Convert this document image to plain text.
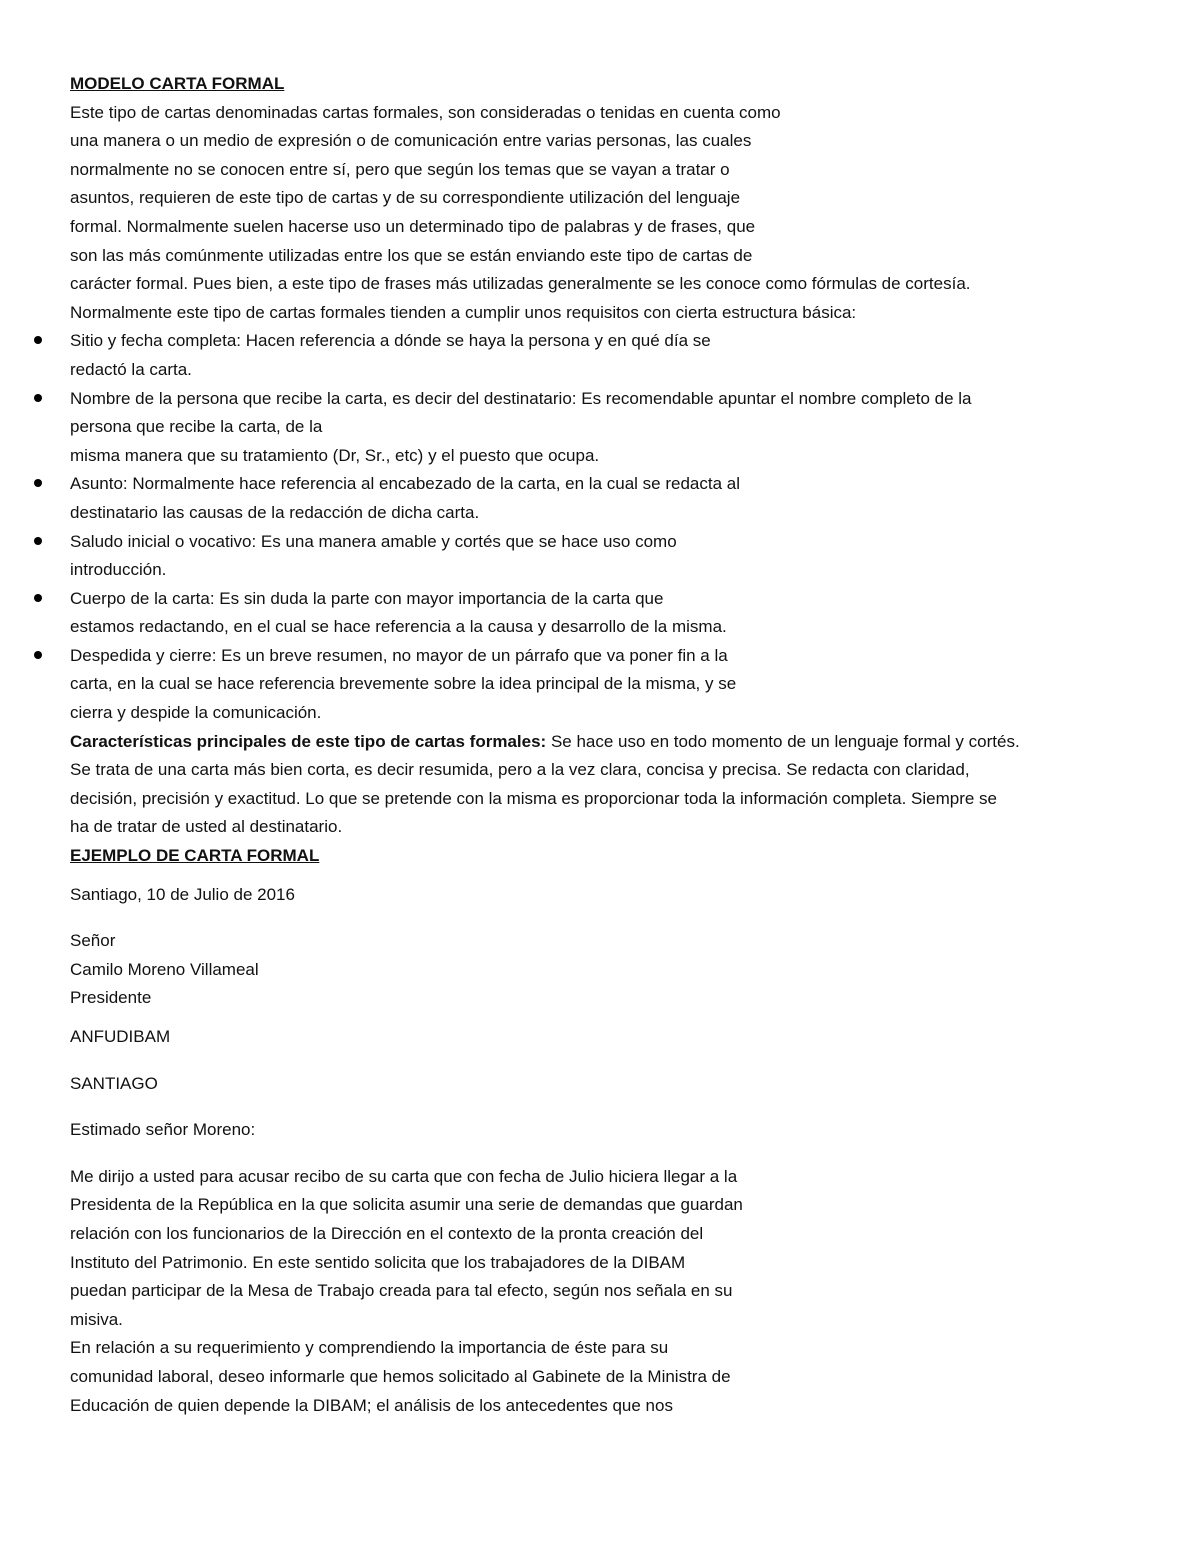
MODELO CARTA FORMAL
Este tipo de cartas denominadas cartas formales, son consideradas o tenidas en cuenta como
una manera o un medio de expresión o de comunicación entre varias personas, las cuales
normalmente no se conocen entre sí, pero que según los temas que se vayan a tratar o
asuntos, requieren de este tipo de cartas y de su correspondiente utilización del lenguaje
formal. Normalmente suelen hacerse uso un determinado tipo de palabras y de frases, que
son las más comúnmente utilizadas entre los que se están enviando este tipo de cartas de
carácter formal. Pues bien, a este tipo de frases más utilizadas generalmente se les conoce como fórmulas de cortesía.
Normalmente este tipo de cartas formales tienden a cumplir unos requisitos con cierta estructura básica:
Sitio y fecha completa: Hacen referencia a dónde se haya la persona y en qué día se
redactó la carta.
Nombre de la persona que recibe la carta, es decir del destinatario: Es recomendable apuntar el nombre completo de la
persona que recibe la carta, de la
misma manera que su tratamiento (Dr, Sr., etc) y el puesto que ocupa.
Asunto: Normalmente hace referencia al encabezado de la carta, en la cual se redacta al
destinatario las causas de la redacción de dicha carta.
Saludo inicial o vocativo: Es una manera amable y cortés que se hace uso como
introducción.
Cuerpo de la carta: Es sin duda la parte con mayor importancia de la carta que
estamos redactando, en el cual se hace referencia a la causa y desarrollo de la misma.
Despedida y cierre: Es un breve resumen, no mayor de un párrafo que va poner fin a la
carta, en la cual se hace referencia brevemente sobre la idea principal de la misma, y se
cierra y despide la comunicación.
Características principales de este tipo de cartas formales: Se hace uso en todo momento de un lenguaje formal y cortés.
Se trata de una carta más bien corta, es decir resumida, pero a la vez clara, concisa y precisa. Se redacta con claridad,
decisión, precisión y exactitud. Lo que se pretende con la misma es proporcionar toda la información completa. Siempre se
ha de tratar de usted al destinatario.
EJEMPLO DE CARTA FORMAL
Santiago, 10 de Julio de 2016
Señor
Camilo Moreno Villameal
Presidente
ANFUDIBAM
SANTIAGO
Estimado señor Moreno:
Me dirijo a usted para acusar recibo de su carta que con fecha de Julio hiciera llegar a la
Presidenta de la República en la que solicita asumir una serie de demandas que guardan
relación con los funcionarios de la Dirección en el contexto de la pronta creación del
Instituto del Patrimonio. En este sentido solicita que los trabajadores de la DIBAM
puedan participar de la Mesa de Trabajo creada para tal efecto, según nos señala en su
misiva.
En relación a su requerimiento y comprendiendo la importancia de éste para su
comunidad laboral, deseo informarle que hemos solicitado al Gabinete de la Ministra de
Educación de quien depende la DIBAM; el análisis de los antecedentes que nos
